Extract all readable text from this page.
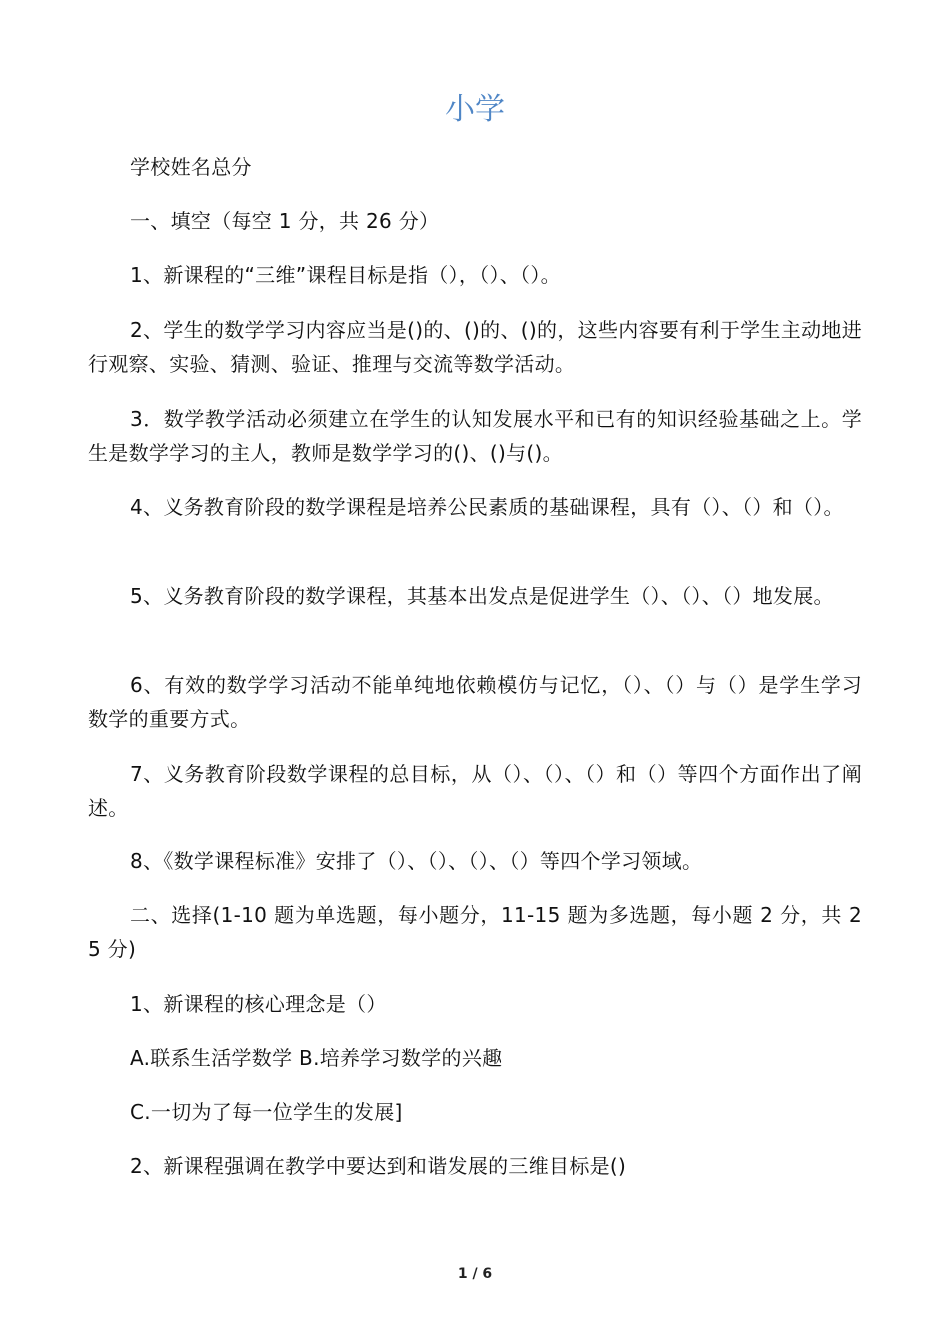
小学
学校姓名总分
一、填空（每空 1 分，共 26 分）
1、新课程的“三维”课程目标是指（），（）、（）。
2、学生的数学学习内容应当是()的、()的、()的，这些内容要有利于学生主动地进行观察、实验、猜测、验证、推理与交流等数学活动。
3．数学教学活动必须建立在学生的认知发展水平和已有的知识经验基础之上。学生是数学学习的主人，教师是数学学习的()、()与()。
4、义务教育阶段的数学课程是培养公民素质的基础课程，具有（）、（）和（）。
5、义务教育阶段的数学课程，其基本出发点是促进学生（）、（）、（）地发展。
6、有效的数学学习活动不能单纯地依赖模仿与记忆，（）、（）与（）是学生学习数学的重要方式。
7、义务教育阶段数学课程的总目标，从（）、（）、（）和（）等四个方面作出了阐述。
8、《数学课程标准》安排了（）、（）、（）、（）等四个学习领域。
二、选择(1-10 题为单选题，每小题分，11-15 题为多选题，每小题 2 分，共 25 分)
1、新课程的核心理念是（）
A.联系生活学数学 B.培养学习数学的兴趣
C.一切为了每一位学生的发展]
2、新课程强调在教学中要达到和谐发展的三维目标是()
1 / 6
